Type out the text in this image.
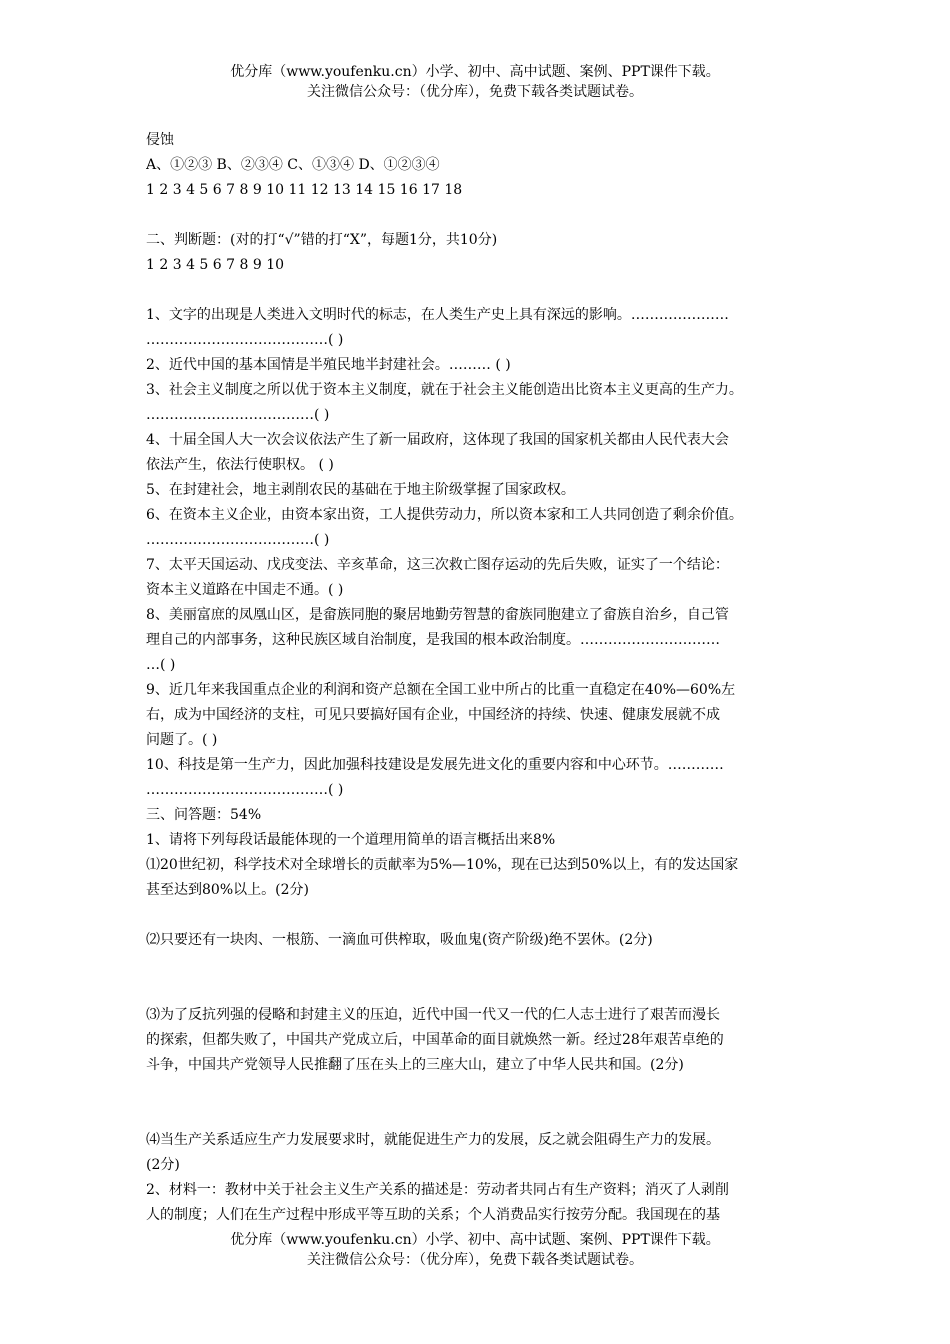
优分库（www.youfenku.cn）小学、初中、高中试题、案例、PPT课件下载。
关注微信公众号：（优分库），免费下载各类试题试卷。
侵蚀
A、①②③ B、②③④ C、①③④ D、①②③④
1 2 3 4 5 6 7 8 9 10 11 12 13 14 15 16 17 18
二、判断题：(对的打“√”错的打“X”，每题1分，共10分)
1 2 3 4 5 6 7 8 9 10
1、文字的出现是人类进入文明时代的标志，在人类生产史上具有深远的影响。…………………
…………………………………( )
2、近代中国的基本国情是半殖民地半封建社会。……… ( )
3、社会主义制度之所以优于资本主义制度，就在于社会主义能创造出比资本主义更高的生产力。
………………………………( )
4、十届全国人大一次会议依法产生了新一届政府，这体现了我国的国家机关都由人民代表大会
依法产生，依法行使职权。 ( )
5、在封建社会，地主剥削农民的基础在于地主阶级掌握了国家政权。
6、在资本主义企业，由资本家出资，工人提供劳动力，所以资本家和工人共同创造了剩余价值。
………………………………( )
7、太平天国运动、戊戌变法、辛亥革命，这三次救亡图存运动的先后失败，证实了一个结论：
资本主义道路在中国走不通。( )
8、美丽富庶的凤凰山区，是畲族同胞的聚居地勤劳智慧的畲族同胞建立了畲族自治乡，自己管
理自己的内部事务，这种民族区域自治制度，是我国的根本政治制度。…………………………
…( )
9、近几年来我国重点企业的利润和资产总额在全国工业中所占的比重一直稳定在40%—60%左
右，成为中国经济的支柱，可见只要搞好国有企业，中国经济的持续、快速、健康发展就不成
问题了。( )
10、科技是第一生产力，因此加强科技建设是发展先进文化的重要内容和中心环节。…………
…………………………………( )
三、问答题：54%
1、请将下列每段话最能体现的一个道理用简单的语言概括出来8%
⑴20世纪初，科学技术对全球增长的贡献率为5%—10%，现在已达到50%以上，有的发达国家
甚至达到80%以上。(2分)
⑵只要还有一块肉、一根筋、一滴血可供榨取，吸血鬼(资产阶级)绝不罢休。(2分)
⑶为了反抗列强的侵略和封建主义的压迫，近代中国一代又一代的仁人志士进行了艰苦而漫长
的探索，但都失败了，中国共产党成立后，中国革命的面目就焕然一新。经过28年艰苦卓绝的
斗争，中国共产党领导人民推翻了压在头上的三座大山，建立了中华人民共和国。(2分)
⑷当生产关系适应生产力发展要求时，就能促进生产力的发展，反之就会阻碍生产力的发展。
(2分)
2、材料一：教材中关于社会主义生产关系的描述是：劳动者共同占有生产资料；消灭了人剥削
人的制度；人们在生产过程中形成平等互助的关系；个人消费品实行按劳分配。我国现在的基
优分库（www.youfenku.cn）小学、初中、高中试题、案例、PPT课件下载。
关注微信公众号：（优分库），免费下载各类试题试卷。
